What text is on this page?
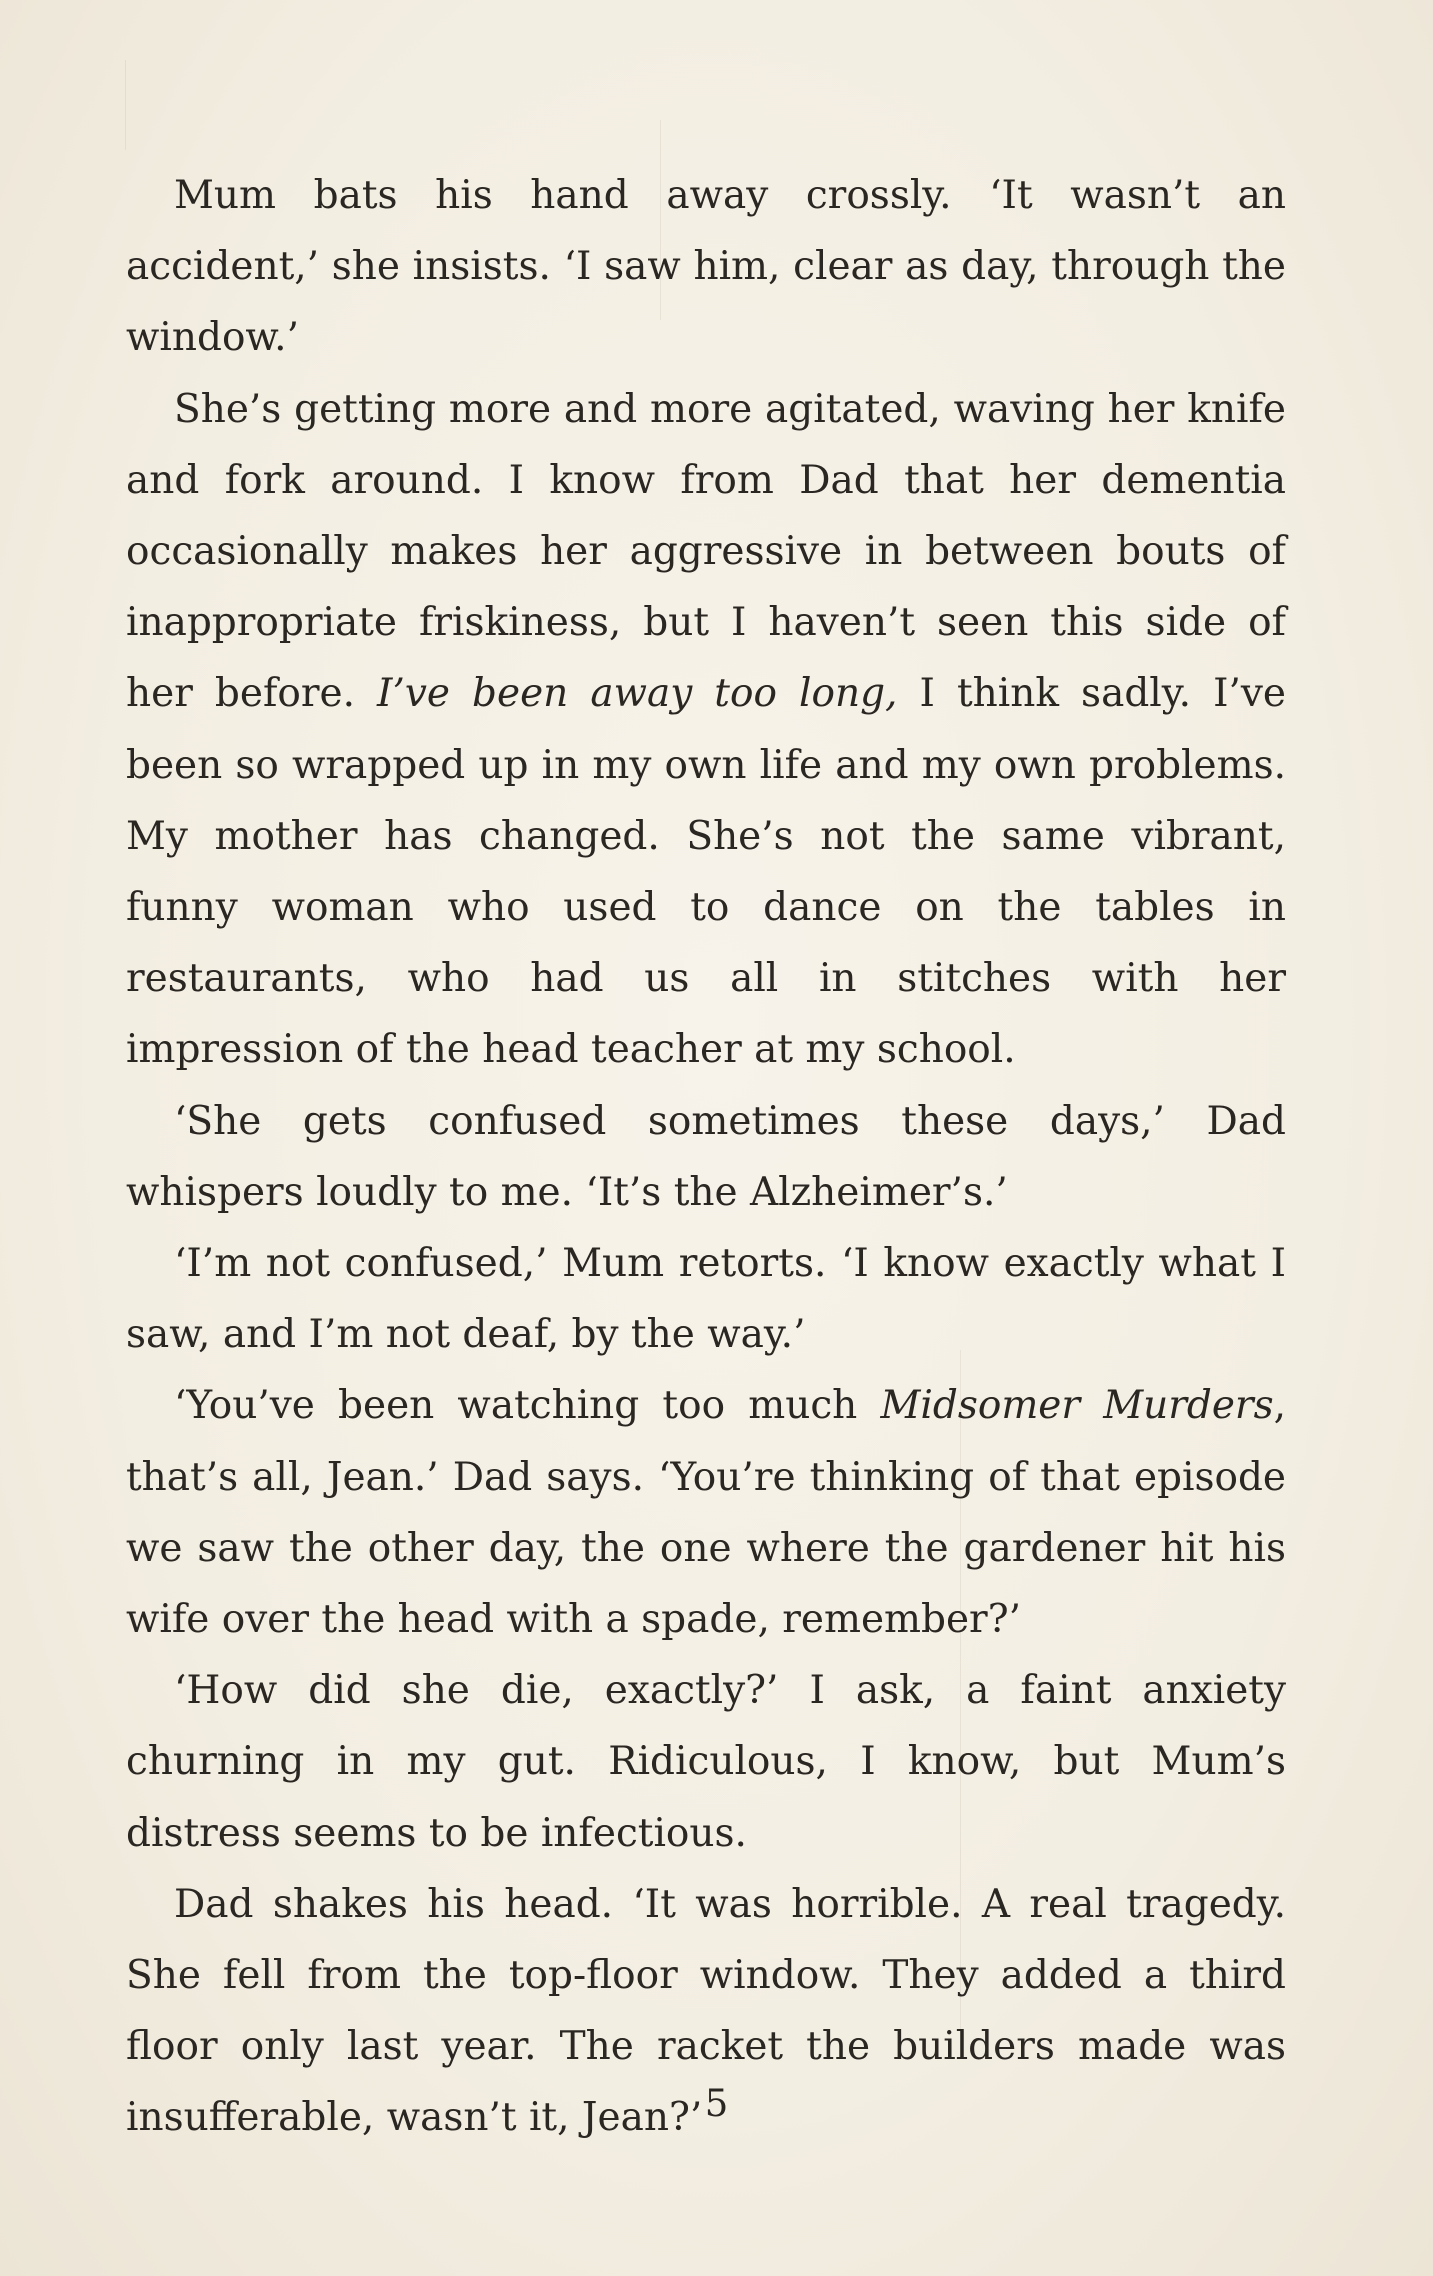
Mum bats his hand away crossly. ‘It wasn’t an accident,’ she insists. ‘I saw him, clear as day, through the window.’

She’s getting more and more agitated, waving her knife and fork around. I know from Dad that her dementia occasionally makes her aggressive in between bouts of inappropriate friskiness, but I haven’t seen this side of her before. I’ve been away too long, I think sadly. I’ve been so wrapped up in my own life and my own problems. My mother has changed. She’s not the same vibrant, funny woman who used to dance on the tables in restaurants, who had us all in stitches with her impression of the head teacher at my school.

‘She gets confused sometimes these days,’ Dad whispers loudly to me. ‘It’s the Alzheimer’s.’

‘I’m not confused,’ Mum retorts. ‘I know exactly what I saw, and I’m not deaf, by the way.’

‘You’ve been watching too much Midsomer Murders, that’s all, Jean.’ Dad says. ‘You’re thinking of that episode we saw the other day, the one where the gardener hit his wife over the head with a spade, remember?’

‘How did she die, exactly?’ I ask, a faint anxiety churning in my gut. Ridiculous, I know, but Mum’s distress seems to be infectious.

Dad shakes his head. ‘It was horrible. A real tragedy. She fell from the top-floor window. They added a third floor only last year. The racket the builders made was insufferable, wasn’t it, Jean?’ 5
